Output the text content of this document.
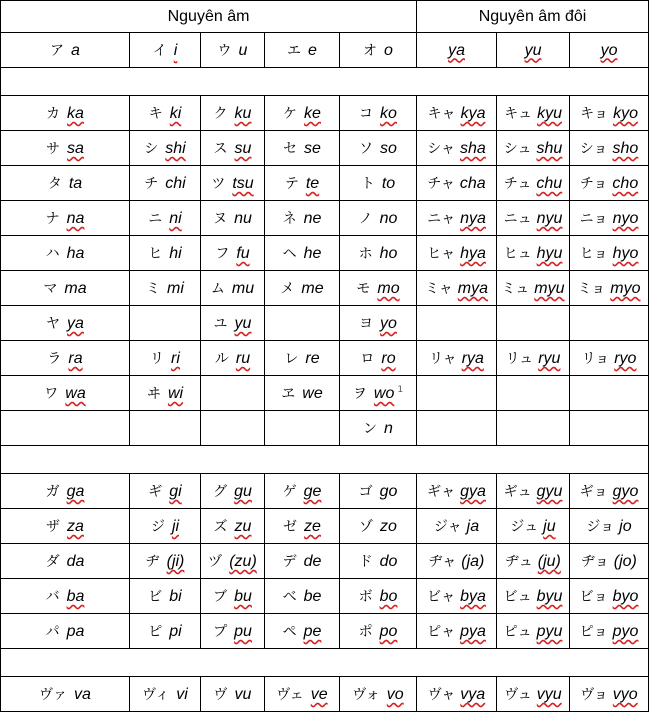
Nguyên âm					Nguyên âm đôi		
ア a	イ i	ウ u	エ e	オ o	ya	yu	yo

カ ka	キ ki	ク ku	ケ ke	コ ko	キャ kya	キュ kyu	キョ kyo
サ sa	シ shi	ス su	セ se	ソ so	シャ sha	シュ shu	ショ sho
タ ta	チ chi	ツ tsu	テ te	ト to	チャ cha	チュ chu	チョ cho
ナ na	ニ ni	ヌ nu	ネ ne	ノ no	ニャ nya	ニュ nyu	ニョ nyo
ハ ha	ヒ hi	フ fu	ヘ he	ホ ho	ヒャ hya	ヒュ hyu	ヒョ hyo
マ ma	ミ mi	ム mu	メ me	モ mo	ミャ mya	ミュ myu	ミョ myo
ヤ ya		ユ yu		ヨ yo			
ラ ra	リ ri	ル ru	レ re	ロ ro	リャ rya	リュ ryu	リョ ryo
ワ wa	ヰ wi		ヱ we	ヲ wo $^1$			
				ン n			

ガ ga	ギ gi	グ gu	ゲ ge	ゴ go	ギャ gya	ギュ gyu	ギョ gyo
ザ za	ジ ji	ズ zu	ゼ ze	ゾ zo	ジャ ja	ジュ ju	ジョ jo
ダ da	ヂ (ji)	ヅ (zu)	デ de	ド do	ヂャ (ja)	ヂュ (ju)	ヂョ (jo)
バ ba	ビ bi	ブ bu	ベ be	ボ bo	ビャ bya	ビュ byu	ビョ byo
パ pa	ピ pi	プ pu	ペ pe	ポ po	ピャ pya	ピュ pyu	ピョ pyo

ヴァ va	ヴィ vi	ヴ vu	ヴェ ve	ヴォ vo	ヴャ vya	ヴュ vyu	ヴョ vyo
